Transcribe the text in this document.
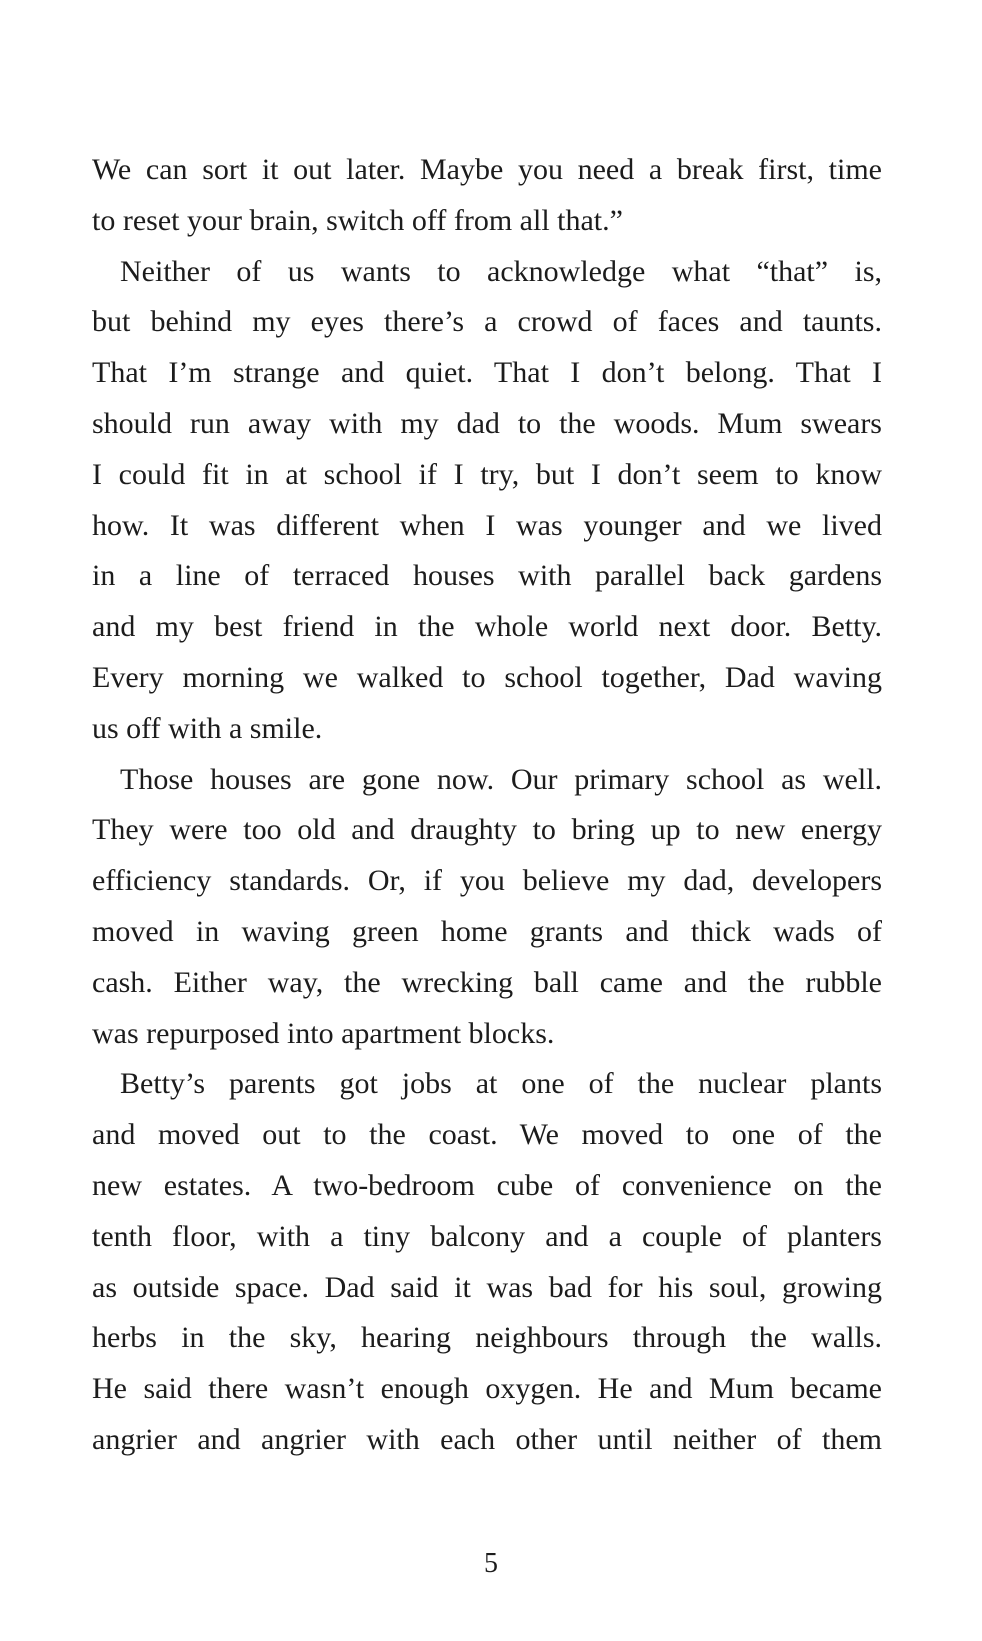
We can sort it out later. Maybe you need a break first, time
to reset your brain, switch off from all that.”
Neither of us wants to acknowledge what “that” is,
but behind my eyes there’s a crowd of faces and taunts.
That I’m strange and quiet. That I don’t belong. That I
should run away with my dad to the woods. Mum swears
I could fit in at school if I try, but I don’t seem to know
how. It was different when I was younger and we lived
in a line of terraced houses with parallel back gardens
and my best friend in the whole world next door. Betty.
Every morning we walked to school together, Dad waving
us off with a smile.
Those houses are gone now. Our primary school as well.
They were too old and draughty to bring up to new energy
efficiency standards. Or, if you believe my dad, developers
moved in waving green home grants and thick wads of
cash. Either way, the wrecking ball came and the rubble
was repurposed into apartment blocks.
Betty’s parents got jobs at one of the nuclear plants
and moved out to the coast. We moved to one of the
new estates. A two-bedroom cube of convenience on the
tenth floor, with a tiny balcony and a couple of planters
as outside space. Dad said it was bad for his soul, growing
herbs in the sky, hearing neighbours through the walls.
He said there wasn’t enough oxygen. He and Mum became
angrier and angrier with each other until neither of them
5
